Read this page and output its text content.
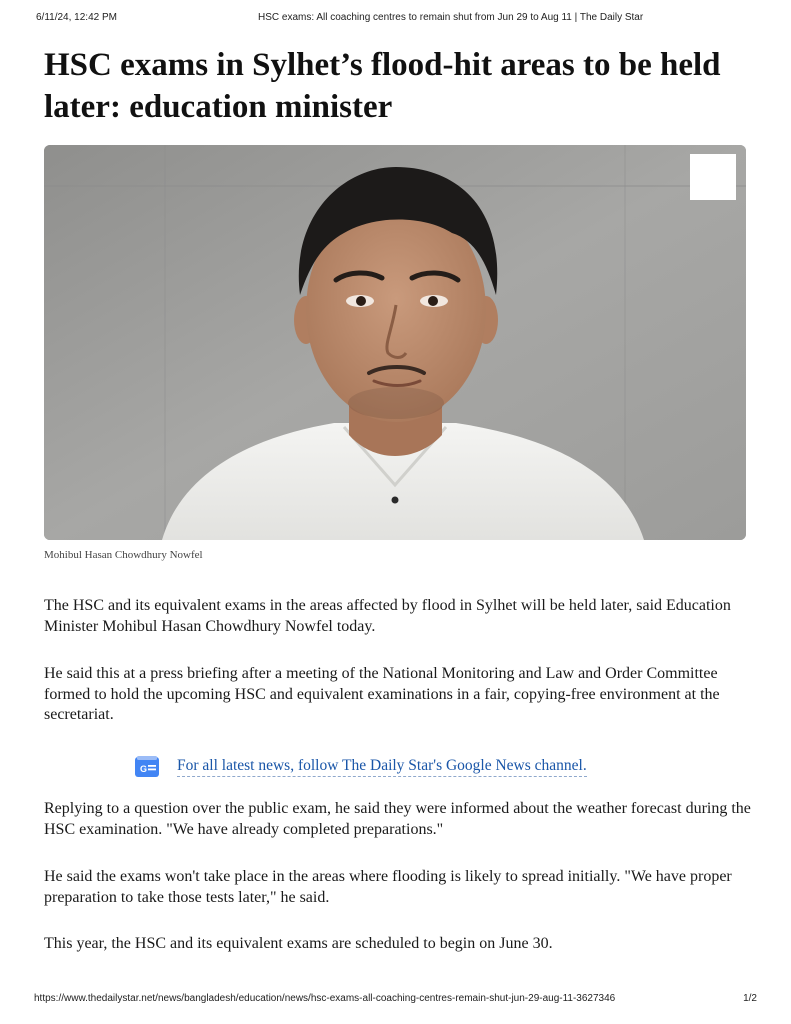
6/11/24, 12:42 PM	HSC exams: All coaching centres to remain shut from Jun 29 to Aug 11 | The Daily Star
HSC exams in Sylhet’s flood-hit areas to be held later: education minister
Mohibul Hasan Chowdhury Nowfel

The HSC and its equivalent exams in the areas affected by flood in Sylhet will be held later, said Education Minister Mohibul Hasan Chowdhury Nowfel today.

He said this at a press briefing after a meeting of the National Monitoring and Law and Order Committee formed to hold the upcoming HSC and equivalent examinations in a fair, copying-free environment at the secretariat.

G For all latest news, follow The Daily Star's Google News channel.

Replying to a question over the public exam, he said they were informed about the weather forecast during the HSC examination. "We have already completed preparations."

He said the exams won't take place in the areas where flooding is likely to spread initially. "We have proper preparation to take those tests later," he said.

This year, the HSC and its equivalent exams are scheduled to begin on June 30.

https://www.thedailystar.net/news/bangladesh/education/news/hsc-exams-all-coaching-centres-remain-shut-jun-29-aug-11-3627346	1/2
